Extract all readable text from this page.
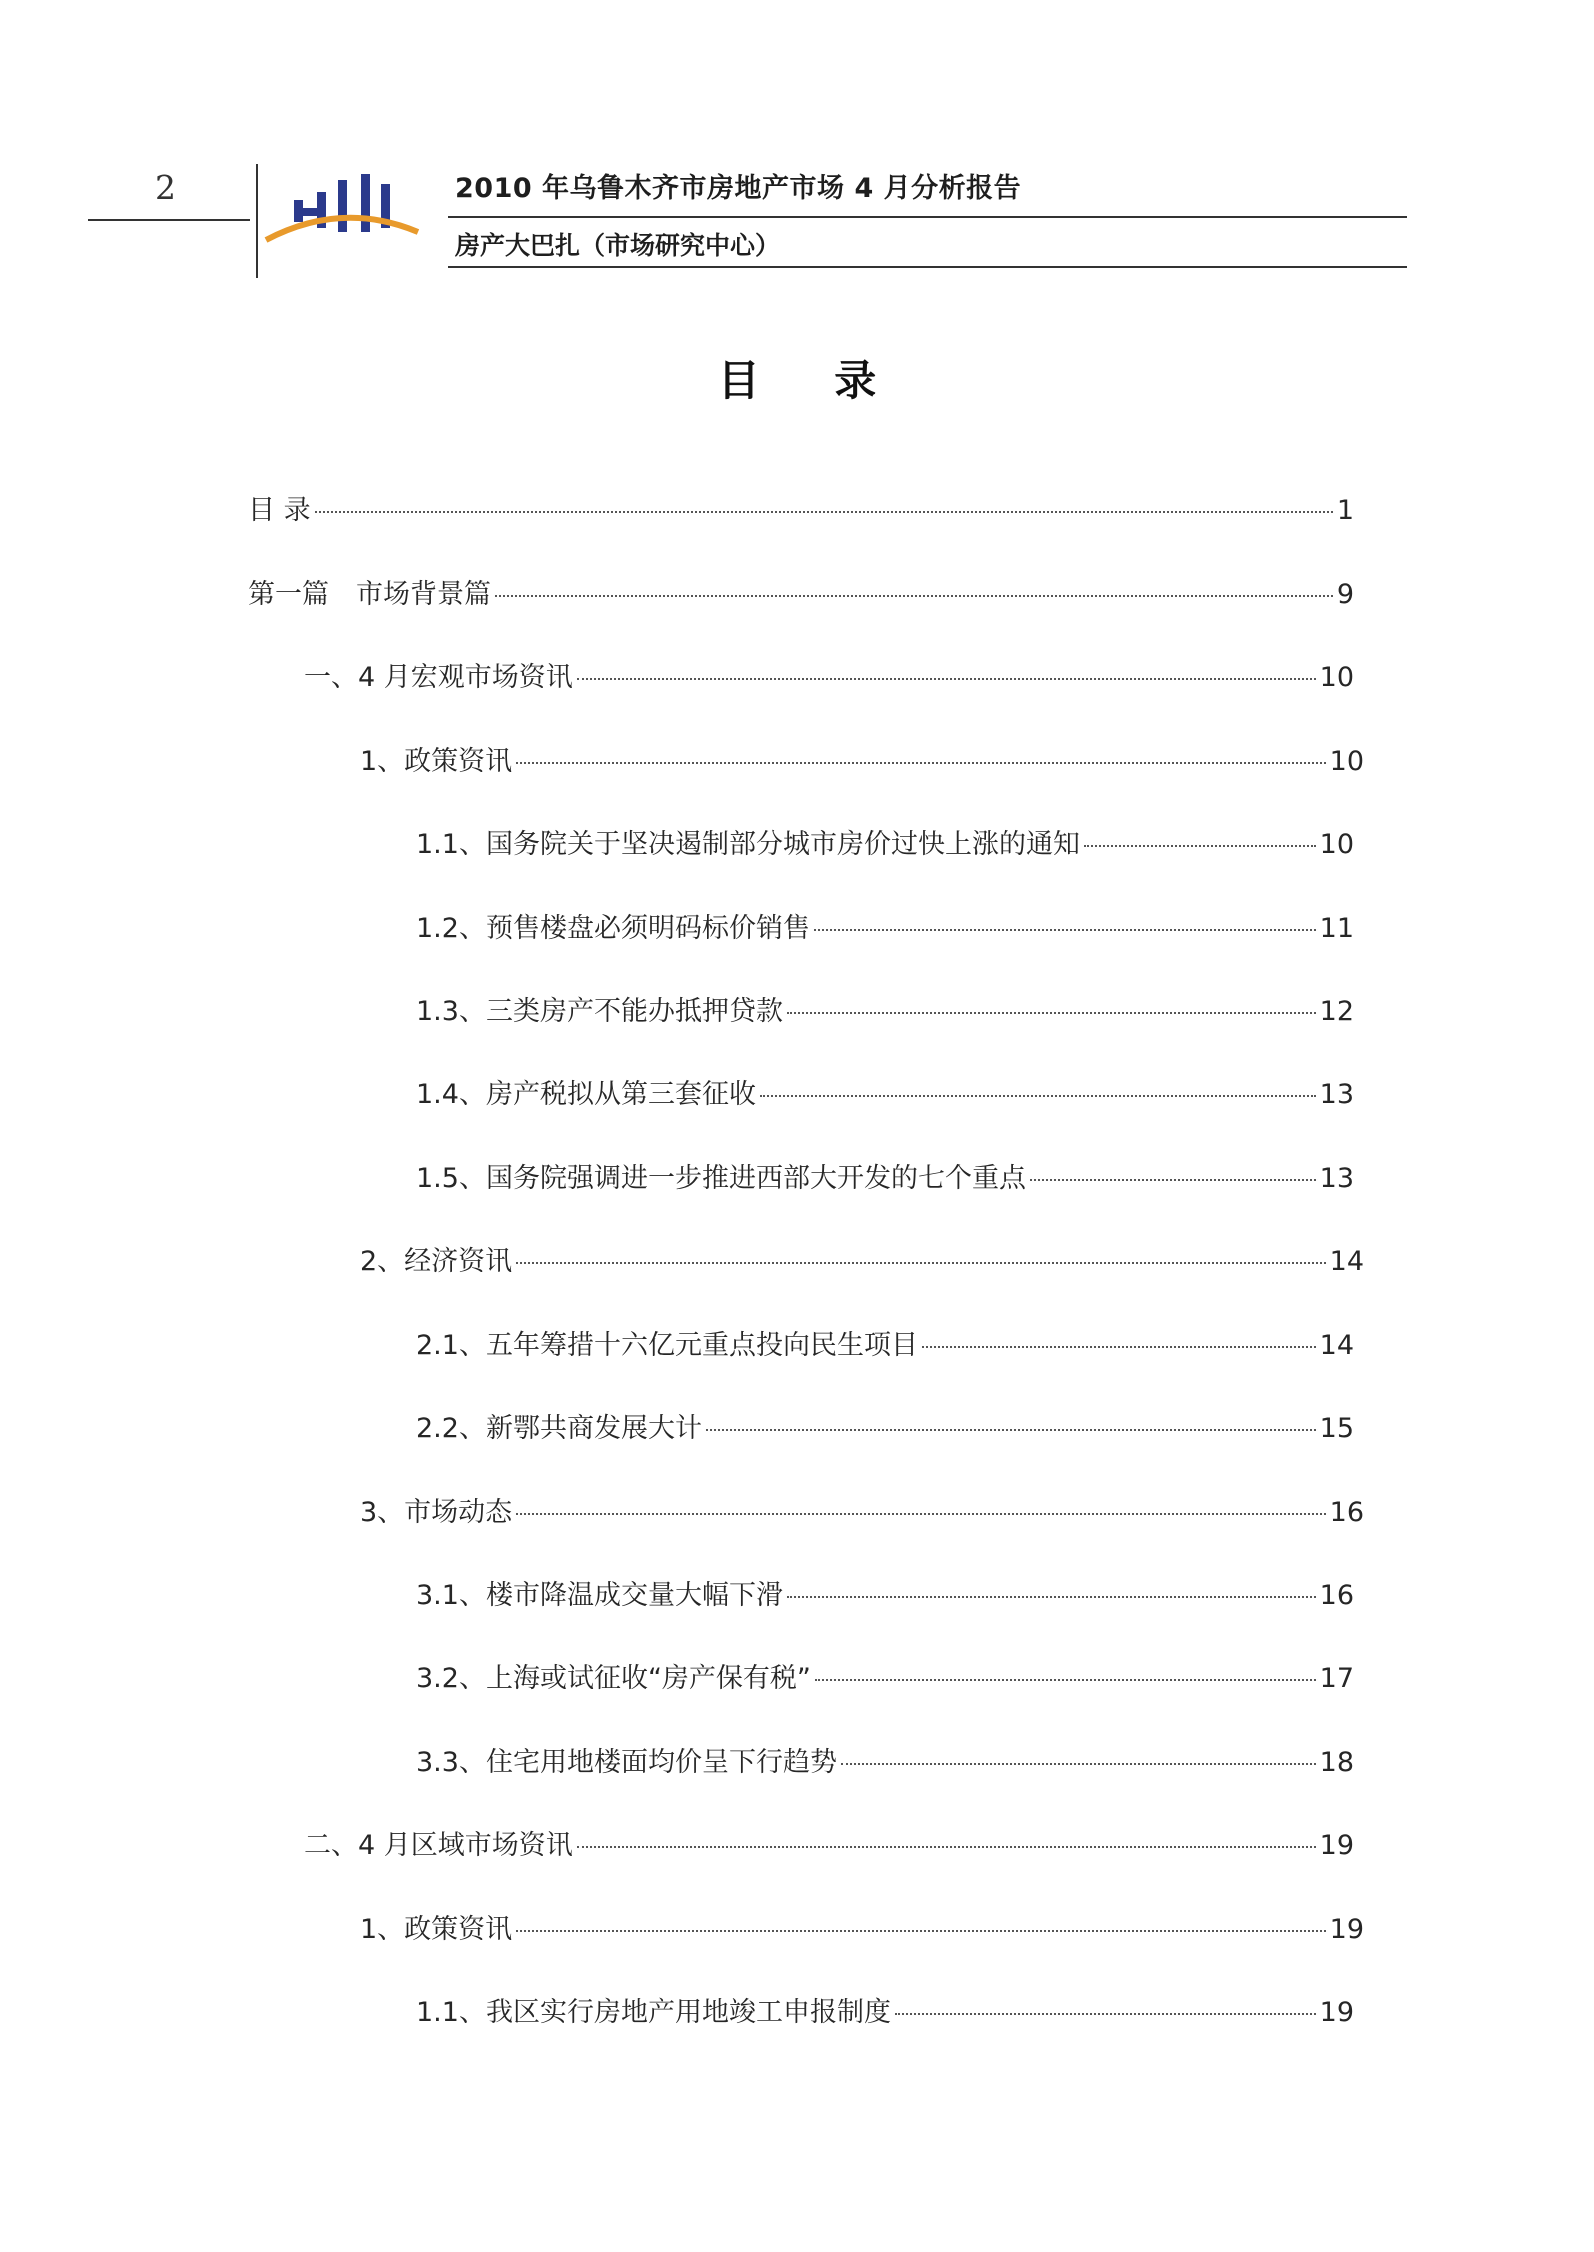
2	2010 年乌鲁木齐市房地产市场 4 月分析报告
房产大巴扎（市场研究中心）
目 录
目 录	1
第一篇　市场背景篇	9
一、4 月宏观市场资讯	10
1、政策资讯	10
1.1、国务院关于坚决遏制部分城市房价过快上涨的通知	10
1.2、预售楼盘必须明码标价销售	11
1.3、三类房产不能办抵押贷款	12
1.4、房产税拟从第三套征收	13
1.5、国务院强调进一步推进西部大开发的七个重点	13
2、经济资讯	14
2.1、五年筹措十六亿元重点投向民生项目	14
2.2、新鄂共商发展大计	15
3、市场动态	16
3.1、楼市降温成交量大幅下滑	16
3.2、上海或试征收“房产保有税”	17
3.3、住宅用地楼面均价呈下行趋势	18
二、4 月区域市场资讯	19
1、政策资讯	19
1.1、我区实行房地产用地竣工申报制度	19
